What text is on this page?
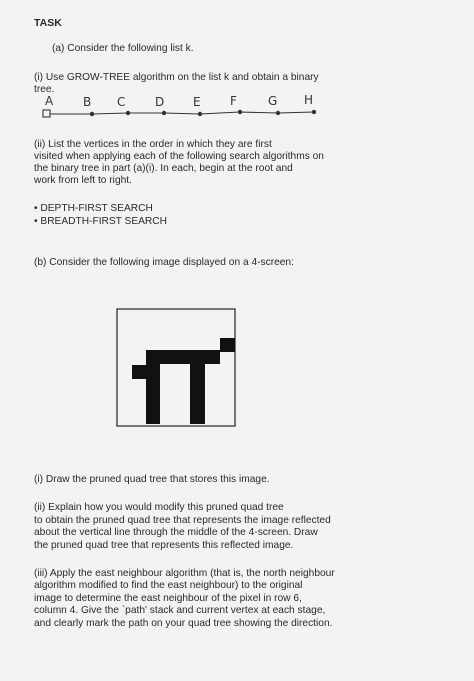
TASK
(a) Consider the following list k.
(i) Use GROW-TREE algorithm on the list k and obtain a binary
tree.
A B C D E F	G H
(ii) List the vertices in the order in which they are first
visited when applying each of the following search algorithms on
the binary tree in part (a)(i). In each, begin at the root and
work from left to right.
• DEPTH-FIRST SEARCH
• BREADTH-FIRST SEARCH
(b) Consider the following image displayed on a 4-screen:
(i) Draw the pruned quad tree that stores this image.
(ii) Explain how you would modify this pruned quad tree
to obtain the pruned quad tree that represents the image reflected
about the vertical line through the middle of the 4-screen. Draw
the pruned quad tree that represents this reflected image.
(iii) Apply the east neighbour algorithm (that is, the north neighbour
algorithm modified to find the east neighbour) to the original
image to determine the east neighbour of the pixel in row 6,
column 4. Give the `path' stack and current vertex at each stage,
and clearly mark the path on your quad tree showing the direction.
